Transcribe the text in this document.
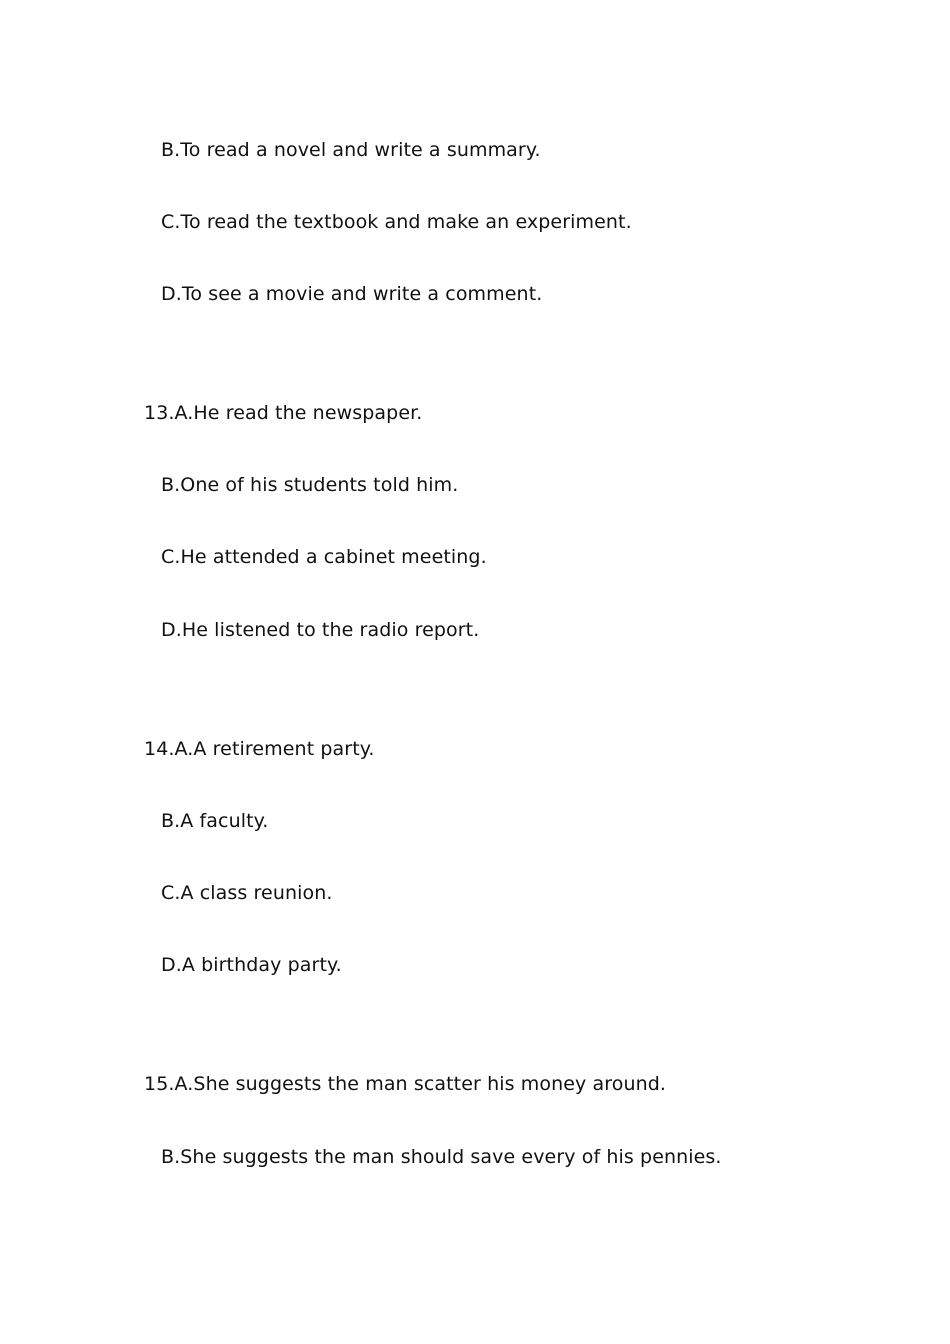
B.To read a novel and write a summary.
C.To read the textbook and make an experiment.
D.To see a movie and write a comment.
13.A.He read the newspaper.
B.One of his students told him.
C.He attended a cabinet meeting.
D.He listened to the radio report.
14.A.A retirement party.
B.A faculty.
C.A class reunion.
D.A birthday party.
15.A.She suggests the man scatter his money around.
B.She suggests the man should save every of his pennies.
